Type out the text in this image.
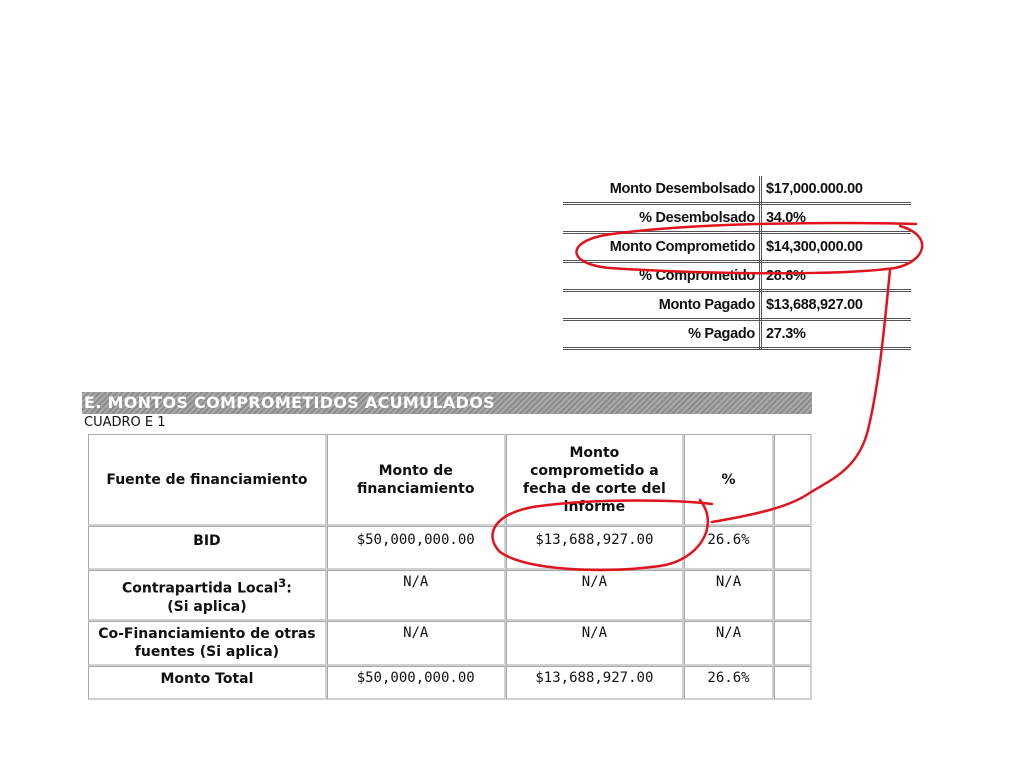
Monto Desembolsado	$17,000.000.00
% Desembolsado	34.0%
Monto Comprometido	$14,300,000.00
% Comprometido	28.6%
Monto Pagado	$13,688,927.00
% Pagado	27.3%
E. MONTOS COMPROMETIDOS ACUMULADOS
CUADRO E 1
Fuente de financiamiento	Monto de financiamiento	Monto comprometido a fecha de corte del informe	%	
BID	$50,000,000.00	$13,688,927.00	26.6%	
Contrapartida Local$^3$:
(Si aplica)	N/A	N/A	N/A	
Co-Financiamiento de otras fuentes (Si aplica)	N/A	N/A	N/A	
Monto Total	$50,000,000.00	$13,688,927.00	26.6%	
